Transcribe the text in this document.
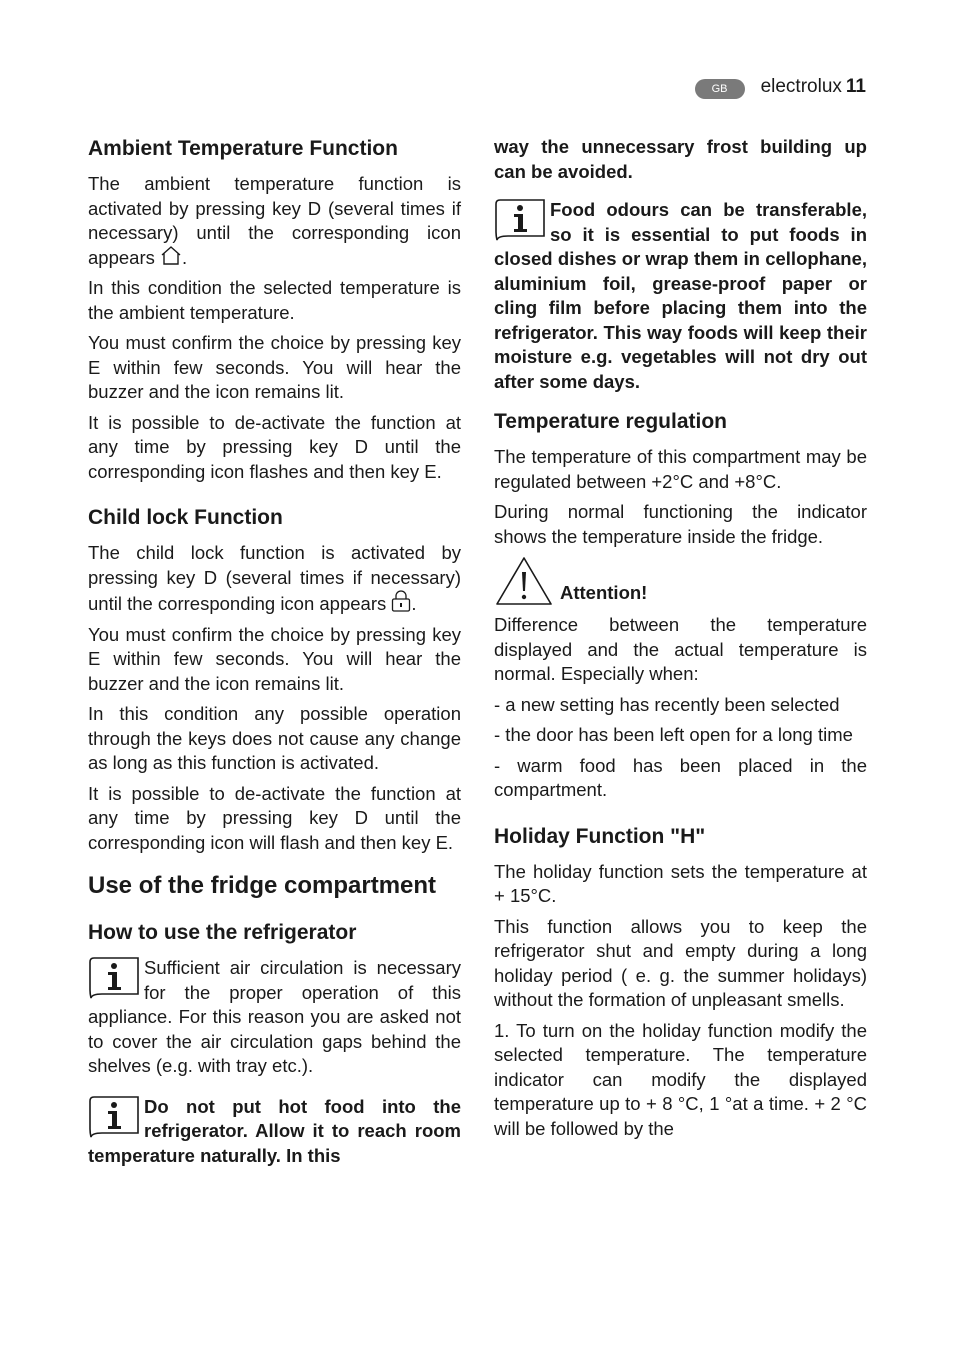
GB	electrolux 11
Ambient Temperature Function

The ambient temperature function is activated by pressing key D (several times if necessary) until the corresponding icon appears .

In this condition the selected temperature is the ambient temperature.

You must confirm the choice by pressing key E within few seconds. You will hear the buzzer and the icon remains lit.

It is possible to de-activate the function at any time by pressing key D until the corresponding icon flashes and then key E.

Child lock Function

The child lock function is activated by pressing key D (several times if necessary) until the corresponding icon appears .

You must confirm the choice by pressing key E within few seconds. You will hear the buzzer and the icon remains lit.

In this condition any possible operation through the keys does not cause any change as long as this function is activated.

It is possible to de-activate the function at any time by pressing key D until the corresponding icon will flash and then key E.

Use of the fridge compartment
How to use the refrigerator

Sufficient air circulation is necessary for the proper operation of this appliance. For this reason you are asked not to cover the air circulation gaps behind the shelves (e.g. with tray etc.).

Do not put hot food into the refrigerator. Allow it to reach room temperature naturally. In this

way the unnecessary frost building up can be avoided.

Food odours can be transferable, so it is essential to put foods in closed dishes or wrap them in cellophane, aluminium foil, grease-proof paper or cling film before placing them into the refrigerator. This way foods will keep their moisture e.g. vegetables will not dry out after some days.

Temperature regulation

The temperature of this compartment may be regulated between +2°C and +8°C.

During normal functioning the indicator shows the temperature inside the fridge.

Attention!

Difference between the temperature displayed and the actual temperature is normal. Especially when:

- a new setting has recently been selected

- the door has been left open for a long time

- warm food has been placed in the compartment.

Holiday Function "H"

The holiday function sets the temperature at + 15°C.

This function allows you to keep the refrigerator shut and empty during a long holiday period ( e. g. the summer holidays) without the formation of unpleasant smells.

1. To turn on the holiday function modify the selected temperature. The temperature indicator can modify the displayed temperature up to + 8 °C, 1 °at a time. + 2 °C will be followed by the
